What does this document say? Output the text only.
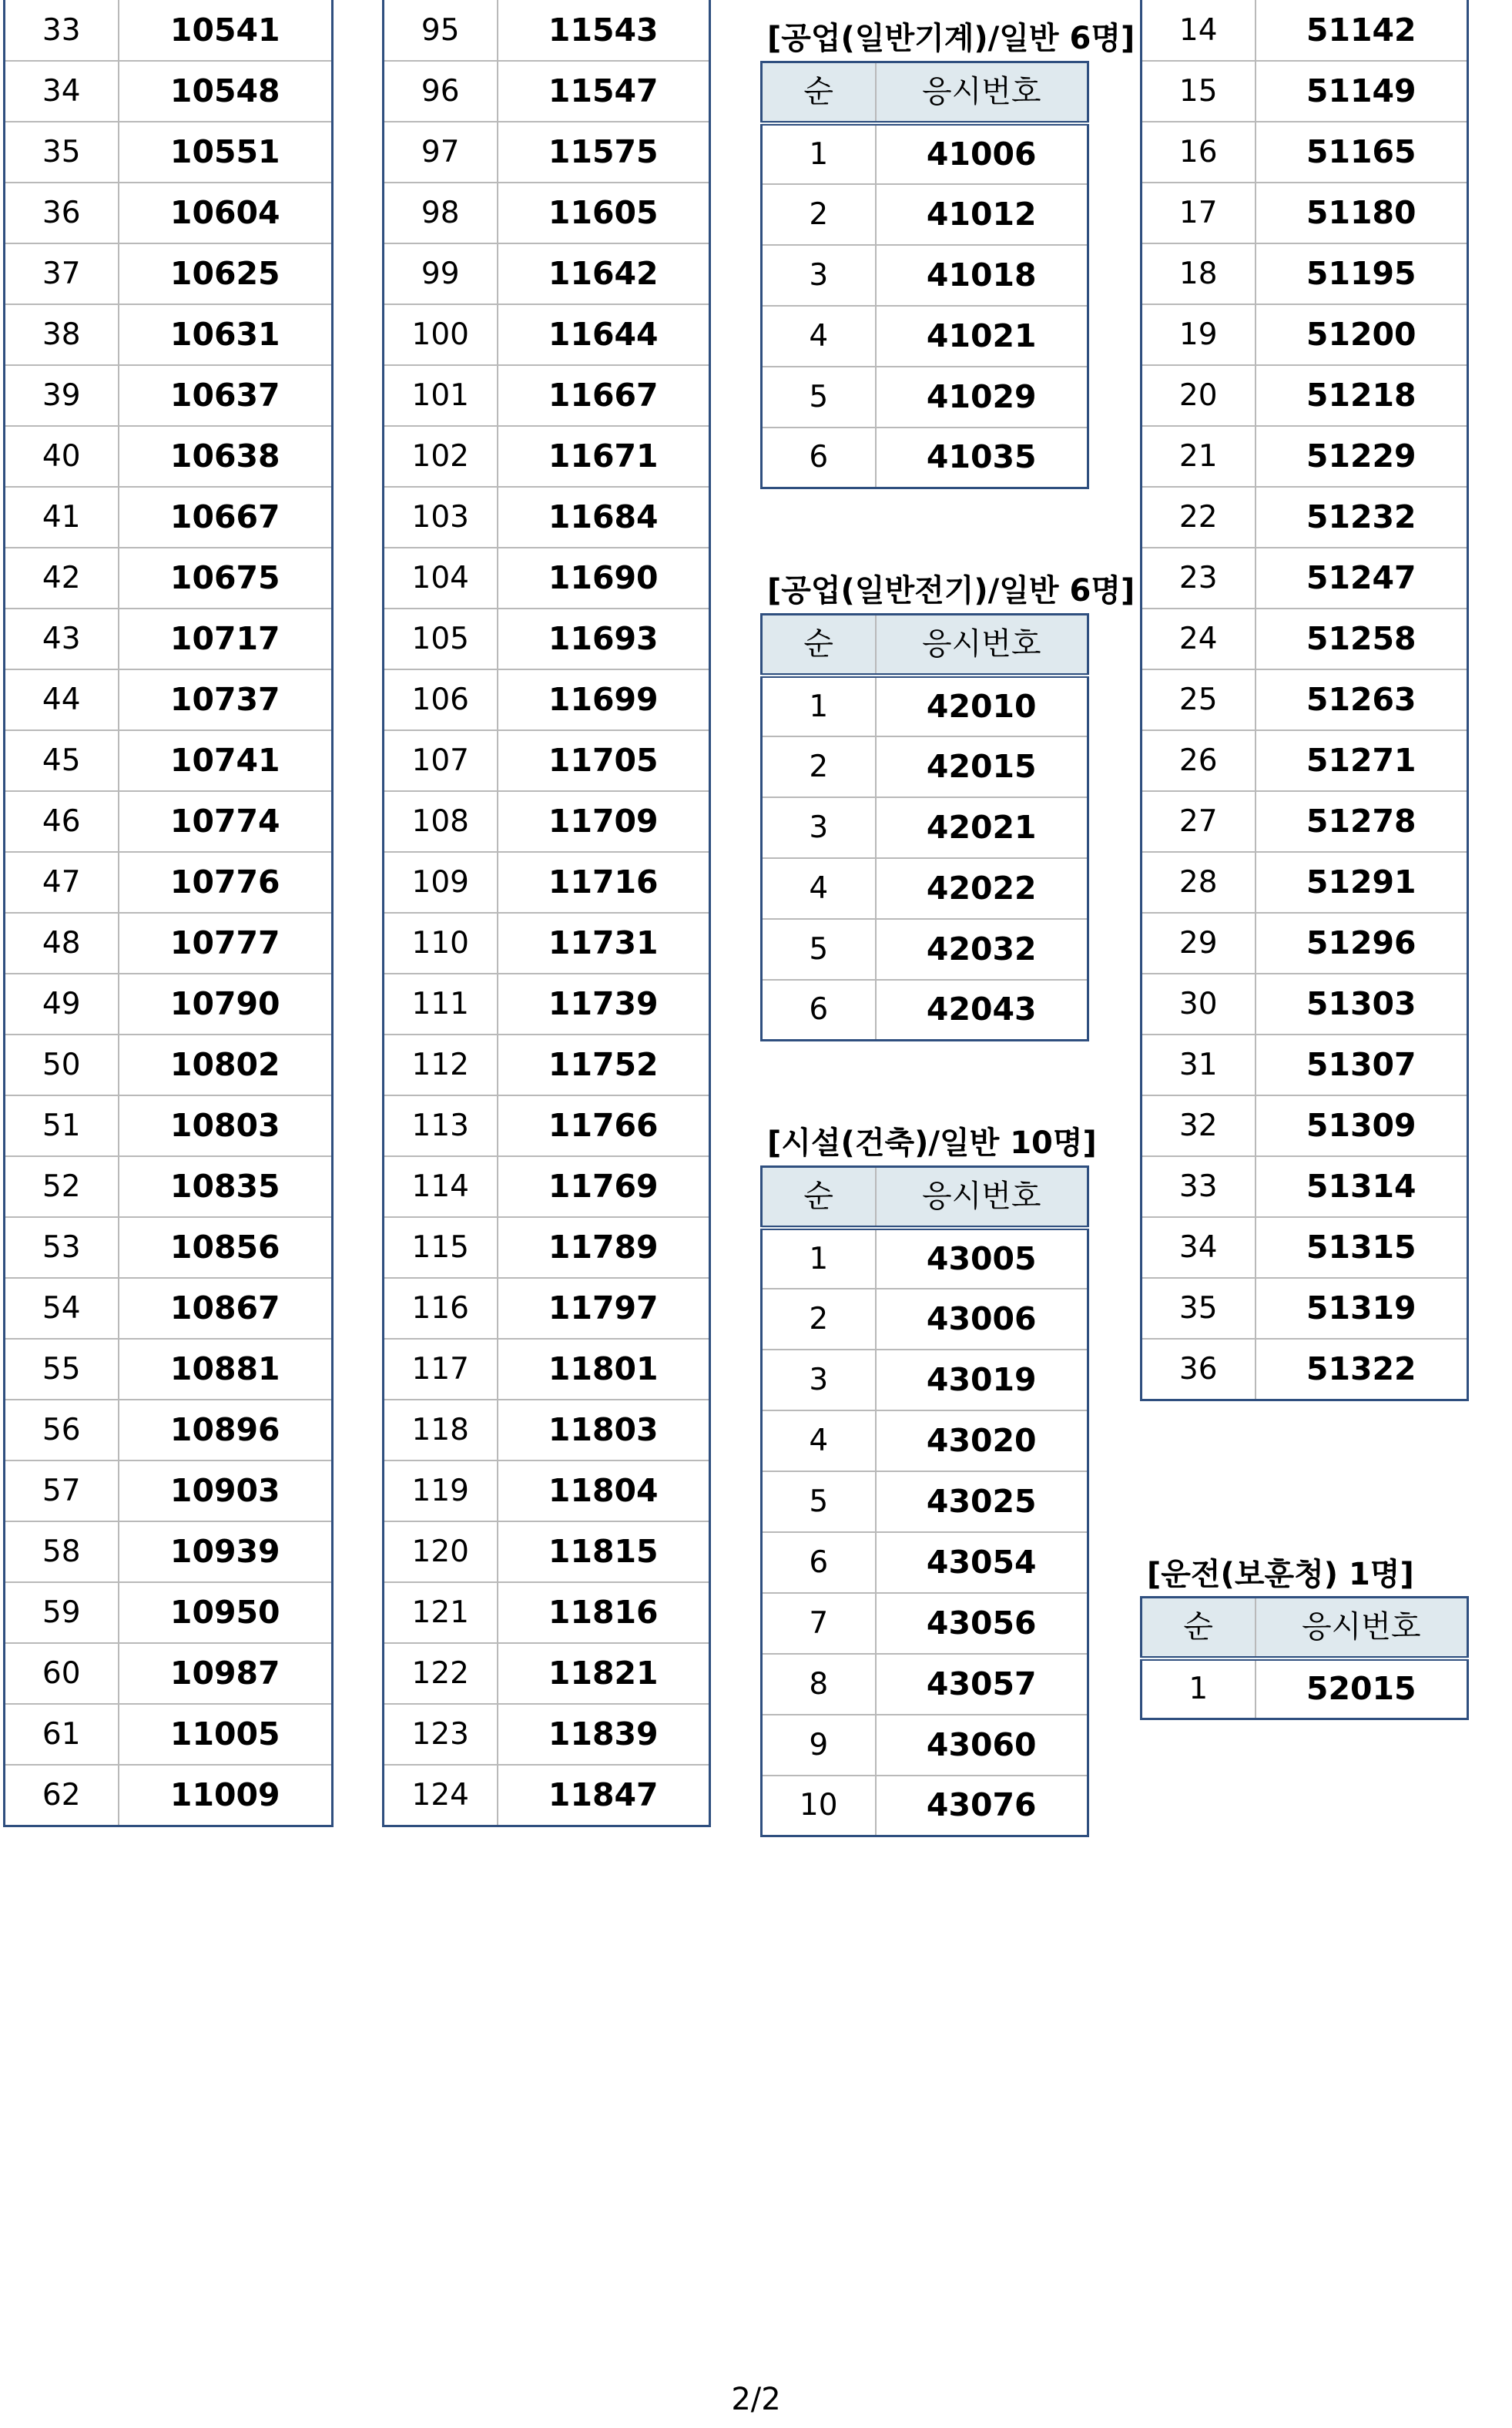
33	10541
34	10548
35	10551
36	10604
37	10625
38	10631
39	10637
40	10638
41	10667
42	10675
43	10717
44	10737
45	10741
46	10774
47	10776
48	10777
49	10790
50	10802
51	10803
52	10835
53	10856
54	10867
55	10881
56	10896
57	10903
58	10939
59	10950
60	10987
61	11005
62	11009
95	11543
96	11547
97	11575
98	11605
99	11642
100	11644
101	11667
102	11671
103	11684
104	11690
105	11693
106	11699
107	11705
108	11709
109	11716
110	11731
111	11739
112	11752
113	11766
114	11769
115	11789
116	11797
117	11801
118	11803
119	11804
120	11815
121	11816
122	11821
123	11839
124	11847
[공업(일반기계)/일반 6명]
순	응시번호
1	41006
2	41012
3	41018
4	41021
5	41029
6	41035
[공업(일반전기)/일반 6명]
순	응시번호
1	42010
2	42015
3	42021
4	42022
5	42032
6	42043
[시설(건축)/일반 10명]
순	응시번호
1	43005
2	43006
3	43019
4	43020
5	43025
6	43054
7	43056
8	43057
9	43060
10	43076
14	51142
15	51149
16	51165
17	51180
18	51195
19	51200
20	51218
21	51229
22	51232
23	51247
24	51258
25	51263
26	51271
27	51278
28	51291
29	51296
30	51303
31	51307
32	51309
33	51314
34	51315
35	51319
36	51322
[운전(보훈청) 1명]
순	응시번호
1	52015
2/2
